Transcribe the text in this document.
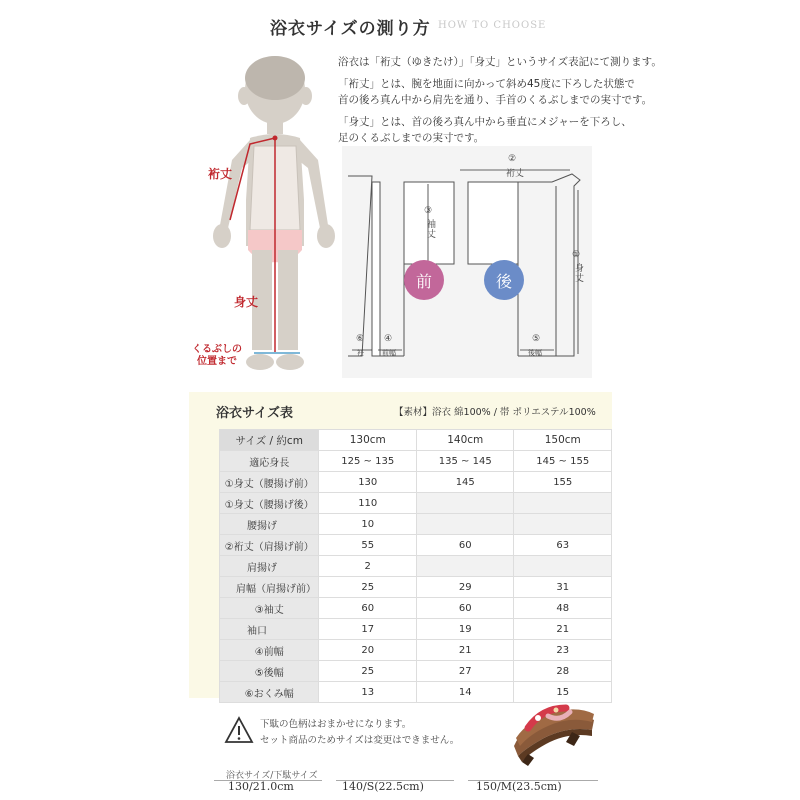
浴衣サイズの測り方 HOW TO CHOOSE
裄丈
身丈
くるぶしの
位置まで

浴衣は「裄丈（ゆきたけ）」「身丈」というサイズ表記にて測ります。

「裄丈」とは、腕を地面に向かって斜め45度に下ろした状態で
首の後ろ真ん中から肩先を通り、手首のくるぶしまでの実寸です。

「身丈」とは、首の後ろ真ん中から垂直にメジャーを下ろし、
足のくるぶしまでの実寸です。

②
裄丈
③
袖丈
①
身丈
⑥
衽
④
前幅
⑤
後幅
前	後
浴衣サイズ表	【素材】浴衣 綿100% / 帯 ポリエステル100%
サイズ / 約cm	130cm	140cm	150cm
適応身長	125 ~ 135	135 ~ 145	145 ~ 155
①身丈（腰揚げ前）	130	145	155
①身丈（腰揚げ後）	110		
腰揚げ	10		
②裄丈（肩揚げ前）	55	60	63
肩揚げ	2		
肩幅（肩揚げ前）	25	29	31
③袖丈	60	60	48
袖口	17	19	21
④前幅	20	21	23
⑤後幅	25	27	28
⑥おくみ幅	13	14	15
下駄の色柄はおまかせになります。
セット商品のためサイズは変更はできません。
浴衣サイズ/下駄サイズ
130/21.0cm	140/S(22.5cm)	150/M(23.5cm)
